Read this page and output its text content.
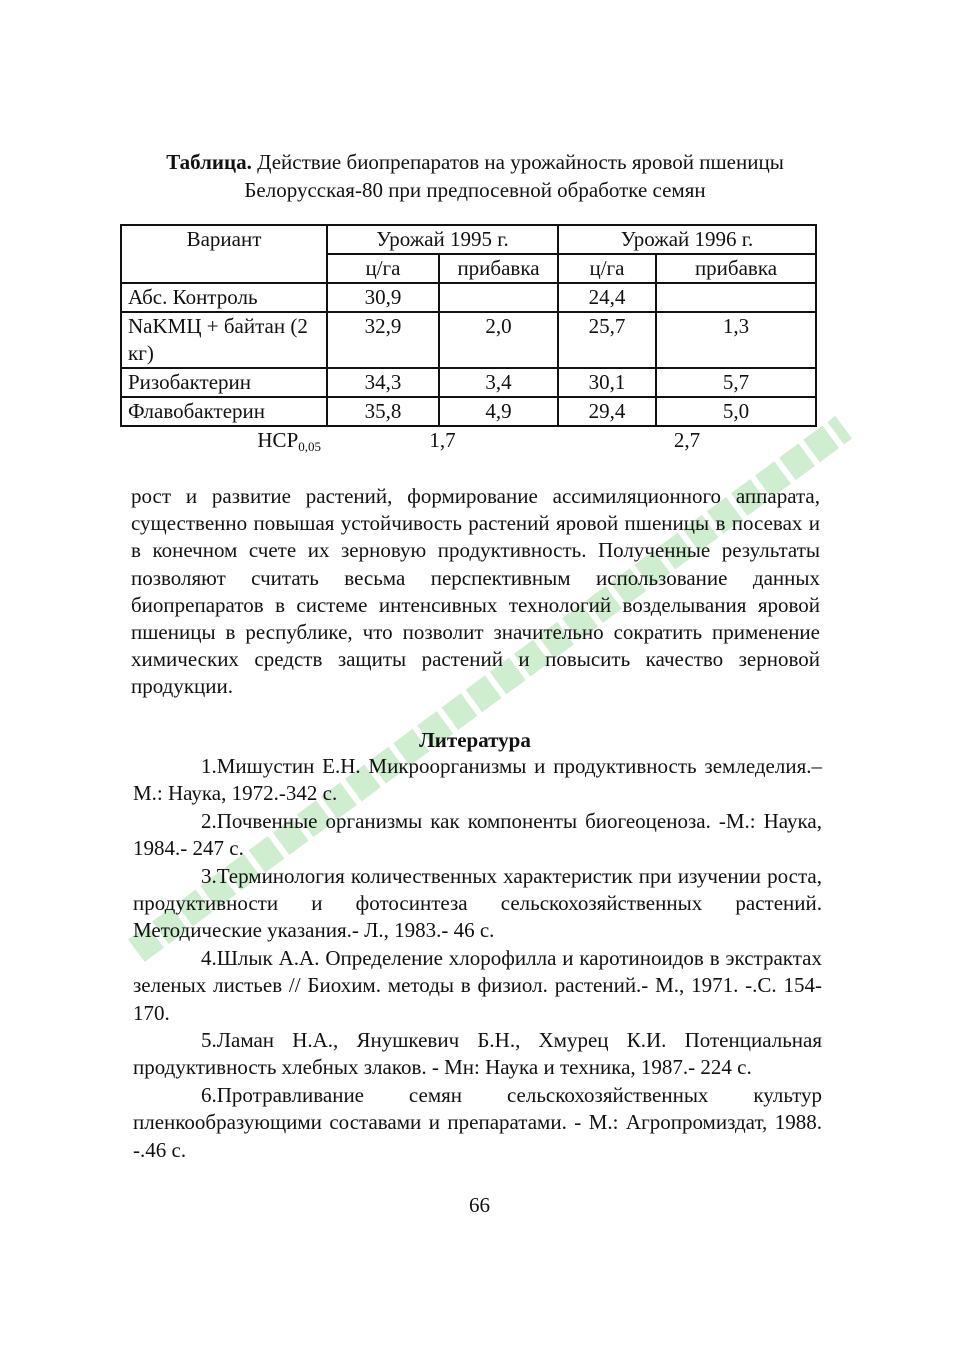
Таблица. Действие биопрепаратов на урожайность яровой пшеницы
Белорусская-80 при предпосевной обработке семян
Вариант	Урожай 1995 г.		Урожай 1996 г.	
	ц/га	прибавка	ц/га	прибавка
Абс. Контроль	30,9		24,4	
NaKMЦ + байтан (2 кг)	32,9	2,0	25,7	1,3
Ризобактерин	34,3	3,4	30,1	5,7
Флавобактерин	35,8	4,9	29,4	5,0
$НСР_{0,05}$	1,7		2,7	

рост и развитие растений, формирование ассимиляционного аппарата, существенно повышая устойчивость растений яровой пшеницы в посевах и в конечном счете их зерновую продуктивность. Полученные результаты позволяют считать весьма перспективным использование данных биопрепаратов в системе интенсивных технологий возделывания яровой пшеницы в республике, что позволит значительно сократить применение химических средств защиты растений и повысить качество зерновой продукции.

Литература

1.Мишустин Е.Н. Микроорганизмы и продуктивность земледелия.– М.: Наука, 1972.-342 с.

2.Почвенные организмы как компоненты биогеоценоза. -М.: Наука, 1984.- 247 с.

3.Терминология количественных характеристик при изучении роста, продуктивности и фотосинтеза сельскохозяйственных растений. Методические указания.- Л., 1983.- 46 с.

4.Шлык А.А. Определение хлорофилла и каротиноидов в экстрактах зеленых листьев // Биохим. методы в физиол. растений.- М., 1971. -.С. 154-170.

5.Ламан Н.А., Янушкевич Б.Н., Хмурец К.И. Потенциальная продуктивность хлебных злаков. - Мн: Наука и техника, 1987.- 224 с.

6.Протравливание семян сельскохозяйственных культур пленкообразующими составами и препаратами. - М.: Агропромиздат, 1988. -.46 с.

66
